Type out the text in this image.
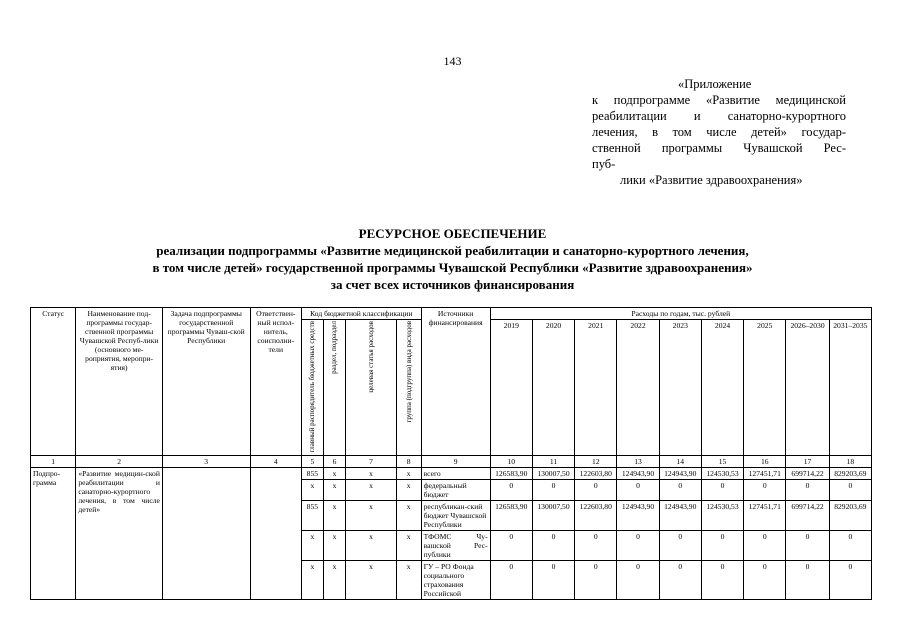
143
«Приложение
к подпрограмме «Развитие медицинской
реабилитации и санаторно-курортного
лечения, в том числе детей» государ-
ственной программы Чувашской Рес-
пуб-
лики «Развитие здравоохранения»
РЕСУРСНОЕ ОБЕСПЕЧЕНИЕ
реализации подпрограммы «Развитие медицинской реабилитации и санаторно-курортного лечения,
в том числе детей» государственной программы Чувашской Республики «Развитие здравоохранения»
за счет всех источников финансирования
Статус	Наименование под-программы государ-ственной программы Чувашской Респуб-лики (основного ме-роприятия, меропри-ятия)	Задача подпрограммы государственной программы Чуваш-ской Республики	Ответствен-ный испол-нитель, соисполни-тели	Код бюджетной классификации				Источники финансирования	Расходы по годам, тыс. рублей								
				главный распорядитель бюджетных средств	раздел, подраздел	целевая статья расходов	группа (подгруппа) вида расходов		2019	2020	2021	2022	2023	2024	2025	2026–2030	2031–2035
1	2	3	4	5	6	7	8	9	10	11	12	13	14	15	16	17	18
Подпро-грамма	«Развитие медицин-ской реабилитации и санаторно-курортного лечения, в том числе детей»			855	х	х	х	всего	126583,90	130007,50	122603,80	124943,90	124943,90	124530,53	127451,71	699714,22	829203,69
				х	х	х	х	федеральный бюджет	0	0	0	0	0	0	0	0	0
				855	х	х	х	республикан-ский бюджет Чувашской Республики	126583,90	130007,50	122603,80	124943,90	124943,90	124530,53	127451,71	699714,22	829203,69
				х	х	х	х	ТФОМС Чу-вашской Рес-публики	0	0	0	0	0	0	0	0	0
				х	х	х	х	ГУ – РО Фонда социального страхования Российской	0	0	0	0	0	0	0	0	0
